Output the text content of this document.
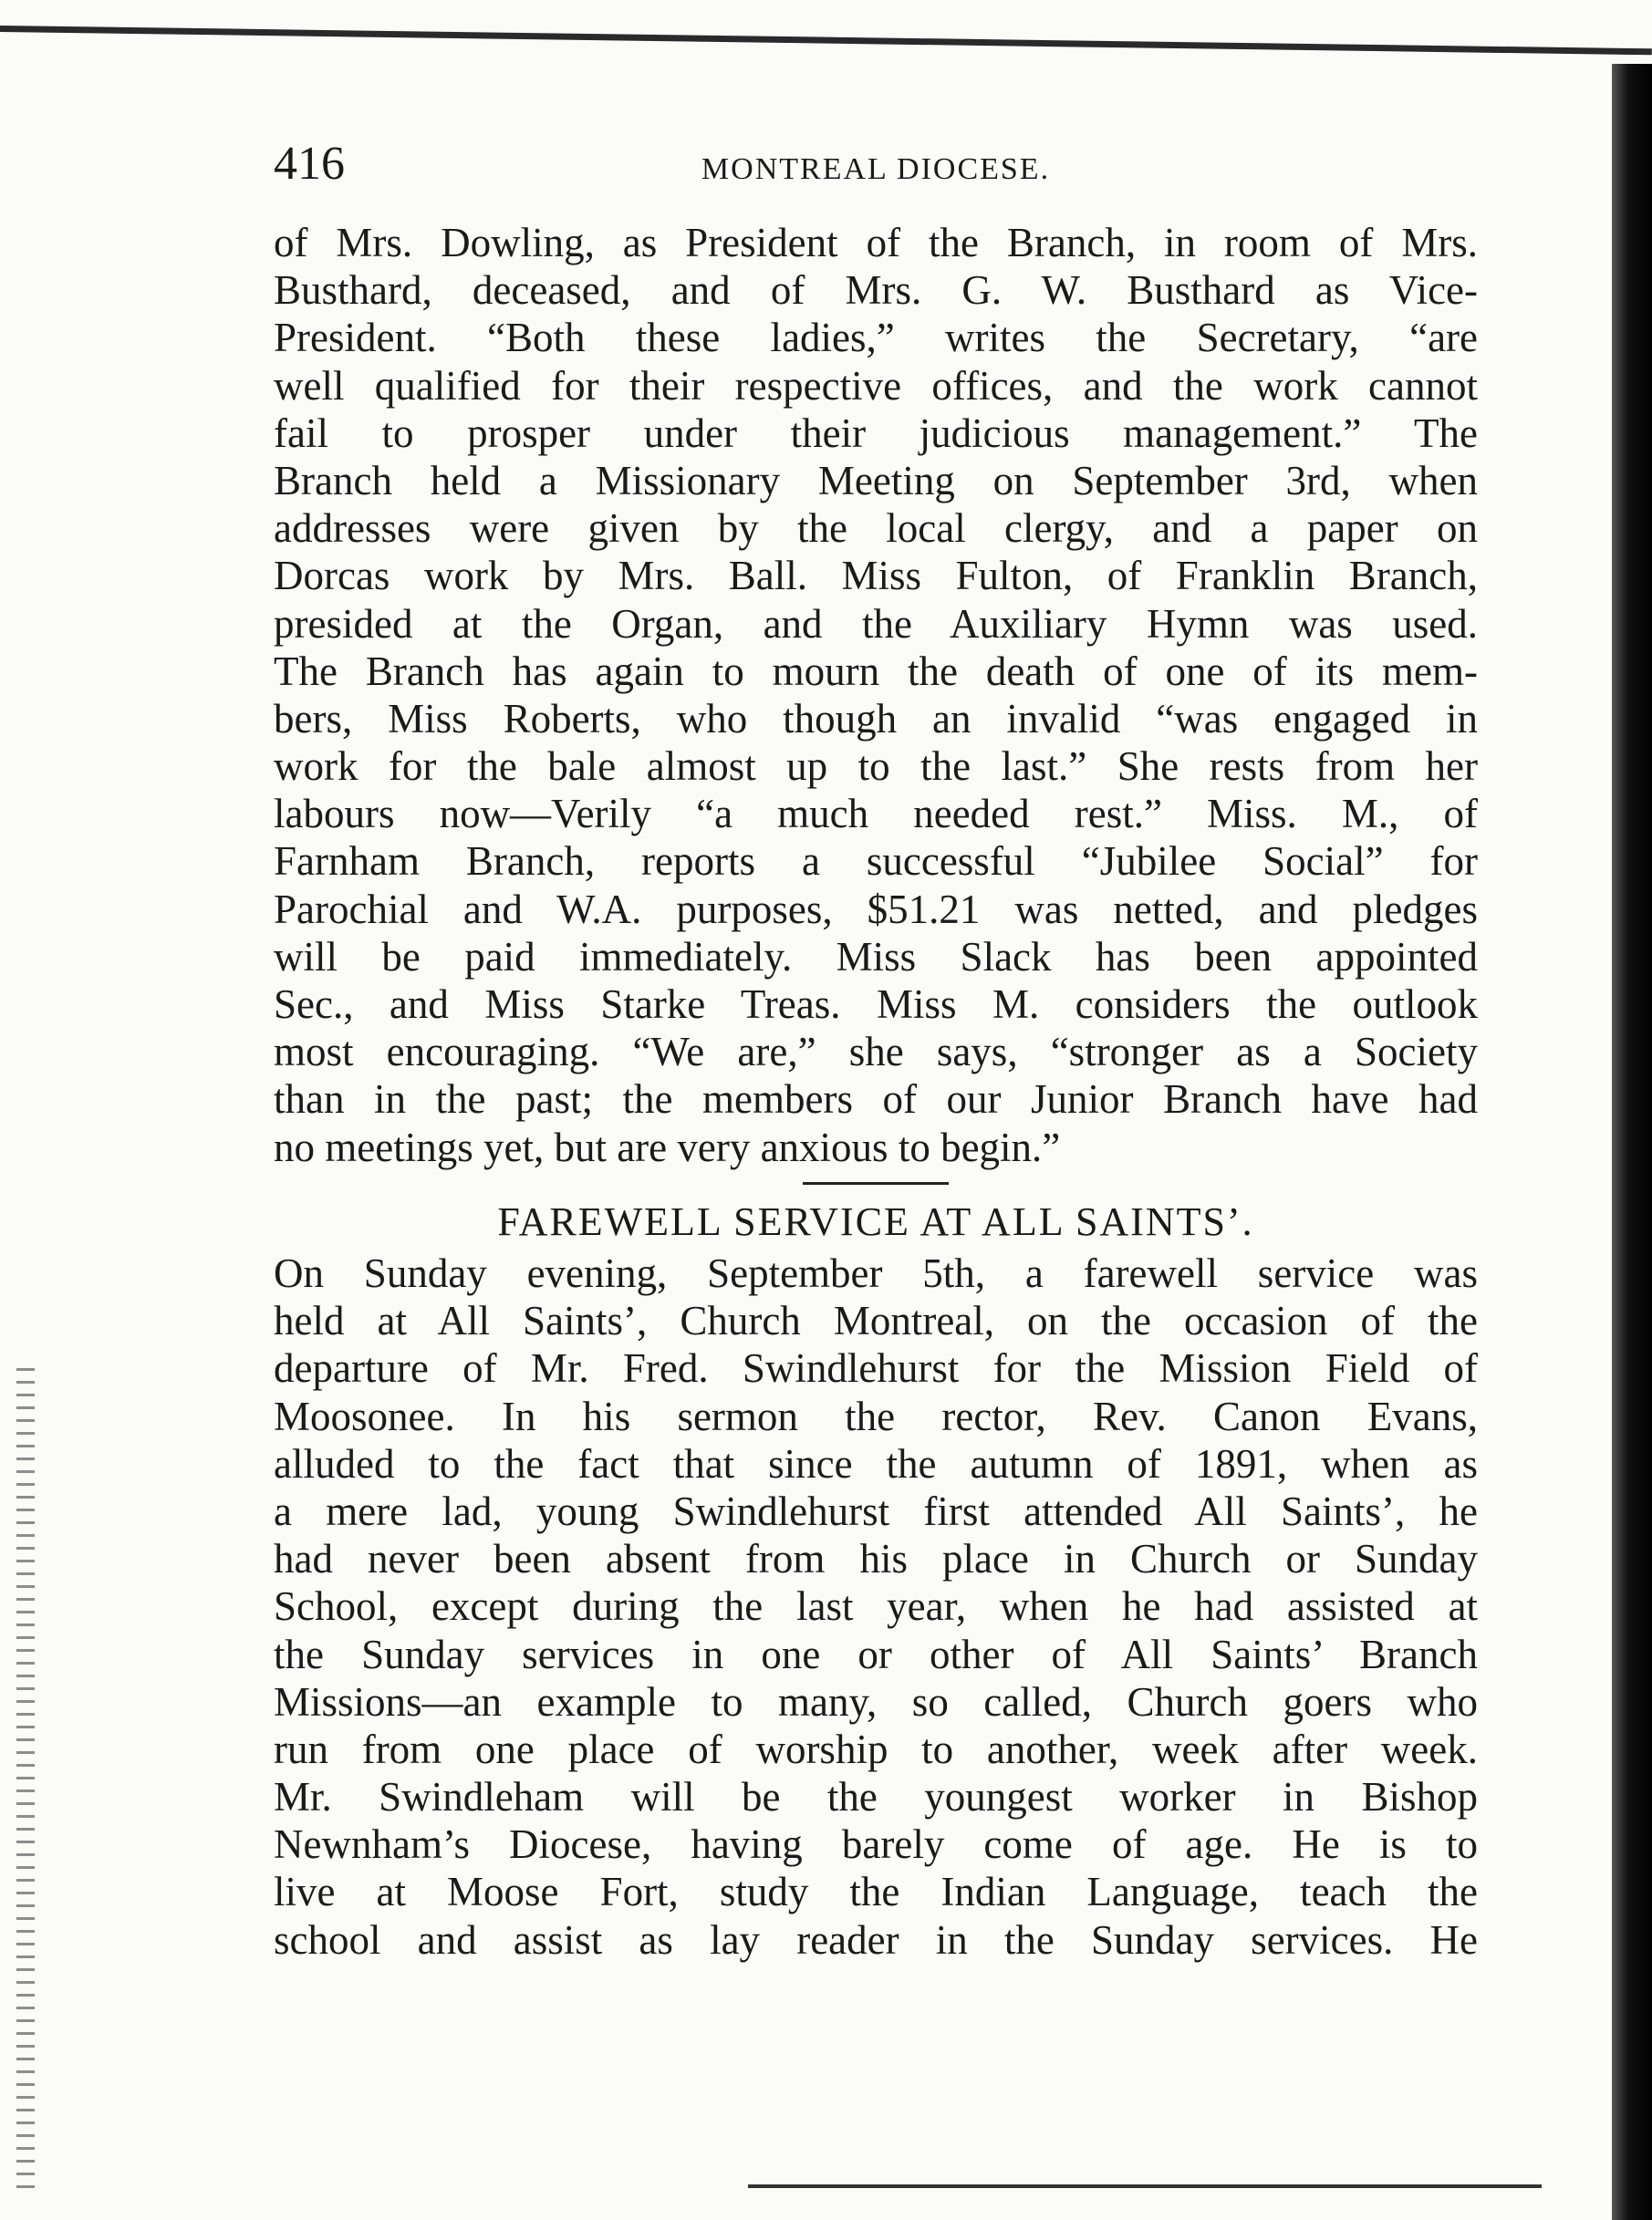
416	MONTREAL DIOCESE.
of Mrs. Dowling, as President of the Branch, in room of Mrs.
Busthard, deceased, and of Mrs. G. W. Busthard as Vice-
President. “Both these ladies,” writes the Secretary, “are
well qualified for their respective offices, and the work cannot
fail to prosper under their judicious management.” The
Branch held a Missionary Meeting on September 3rd, when
addresses were given by the local clergy, and a paper on
Dorcas work by Mrs. Ball. Miss Fulton, of Franklin Branch,
presided at the Organ, and the Auxiliary Hymn was used.
The Branch has again to mourn the death of one of its mem-
bers, Miss Roberts, who though an invalid “was engaged in
work for the bale almost up to the last.” She rests from her
labours now—Verily “a much needed rest.” Miss. M., of
Farnham Branch, reports a successful “Jubilee Social” for
Parochial and W.A. purposes, $51.21 was netted, and pledges
will be paid immediately. Miss Slack has been appointed
Sec., and Miss Starke Treas. Miss M. considers the outlook
most encouraging. “We are,” she says, “stronger as a Society
than in the past; the members of our Junior Branch have had
no meetings yet, but are very anxious to begin.”
FAREWELL SERVICE AT ALL SAINTS’.
On Sunday evening, September 5th, a farewell service was
held at All Saints’, Church Montreal, on the occasion of the
departure of Mr. Fred. Swindlehurst for the Mission Field of
Moosonee. In his sermon the rector, Rev. Canon Evans,
alluded to the fact that since the autumn of 1891, when as
a mere lad, young Swindlehurst first attended All Saints’, he
had never been absent from his place in Church or Sunday
School, except during the last year, when he had assisted at
the Sunday services in one or other of All Saints’ Branch
Missions—an example to many, so called, Church goers who
run from one place of worship to another, week after week.
Mr. Swindleham will be the youngest worker in Bishop
Newnham’s Diocese, having barely come of age. He is to
live at Moose Fort, study the Indian Language, teach the
school and assist as lay reader in the Sunday services. He
